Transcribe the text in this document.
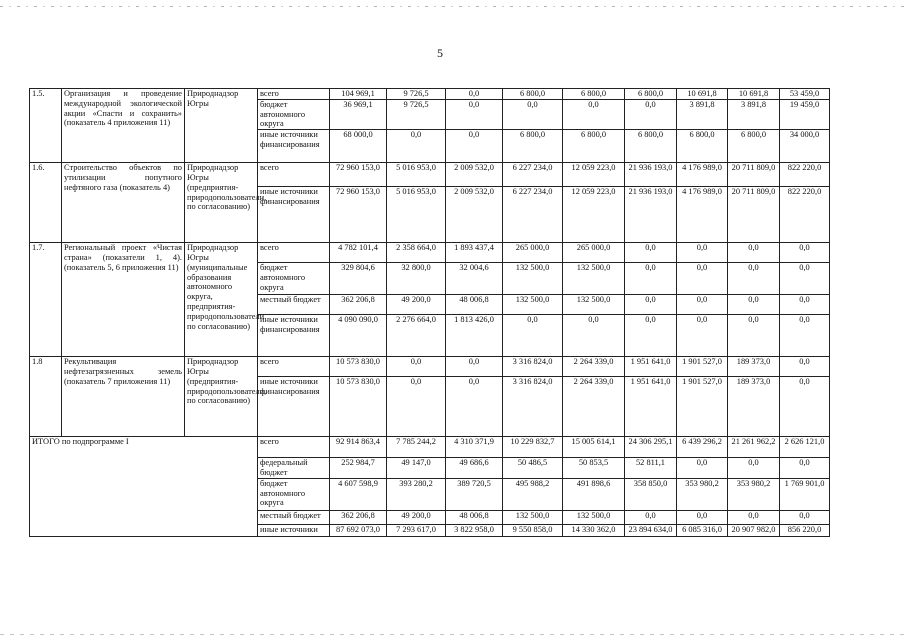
5
1.5.	Организация и проведение международной экологической акции «Спасти и сохранить» (показатель 4 приложения 11)	Природнадзор Югры	всего	104 969,1	9 726,5	0,0	6 800,0	6 800,0	6 800,0	10 691,8	10 691,8	53 459,0
			бюджет автономного округа	36 969,1	9 726,5	0,0	0,0	0,0	0,0	3 891,8	3 891,8	19 459,0
			иные источники финансирования	68 000,0	0,0	0,0	6 800,0	6 800,0	6 800,0	6 800,0	6 800,0	34 000,0
1.6.	Строительство объектов по утилизации попутного нефтяного газа (показатель 4)	Природнадзор Югры (предприятия-природопользователи, по согласованию)	всего	72 960 153,0	5 016 953,0	2 009 532,0	6 227 234,0	12 059 223,0	21 936 193,0	4 176 989,0	20 711 809,0	822 220,0
			иные источники финансирования	72 960 153,0	5 016 953,0	2 009 532,0	6 227 234,0	12 059 223,0	21 936 193,0	4 176 989,0	20 711 809,0	822 220,0
1.7.	Региональный проект «Чистая страна» (показатели 1, 4). (показатель 5, 6 приложения 11)	Природнадзор Югры (муниципальные образования автономного округа, предприятия-природопользователи по согласованию)	всего	4 782 101,4	2 358 664,0	1 893 437,4	265 000,0	265 000,0	0,0	0,0	0,0	0,0
			бюджет автономного округа	329 804,6	32 800,0	32 004,6	132 500,0	132 500,0	0,0	0,0	0,0	0,0
			местный бюджет	362 206,8	49 200,0	48 006,8	132 500,0	132 500,0	0,0	0,0	0,0	0,0
			иные источники финансирования	4 090 090,0	2 276 664,0	1 813 426,0	0,0	0,0	0,0	0,0	0,0	0,0
1.8	Рекультивация нефтезагрязненных земель (показатель 7 приложения 11)	Природнадзор Югры (предприятия-природопользователи, по согласованию)	всего	10 573 830,0	0,0	0,0	3 316 824,0	2 264 339,0	1 951 641,0	1 901 527,0	189 373,0	0,0
			иные источники финансирования	10 573 830,0	0,0	0,0	3 316 824,0	2 264 339,0	1 951 641,0	1 901 527,0	189 373,0	0,0
ИТОГО по подпрограмме I			всего	92 914 863,4	7 785 244,2	4 310 371,9	10 229 832,7	15 005 614,1	24 306 295,1	6 439 296,2	21 261 962,2	2 626 121,0
			федеральный бюджет	252 984,7	49 147,0	49 686,6	50 486,5	50 853,5	52 811,1	0,0	0,0	0,0
			бюджет автономного округа	4 607 598,9	393 280,2	389 720,5	495 988,2	491 898,6	358 850,0	353 980,2	353 980,2	1 769 901,0
			местный бюджет	362 206,8	49 200,0	48 006,8	132 500,0	132 500,0	0,0	0,0	0,0	0,0
			иные источники	87 692 073,0	7 293 617,0	3 822 958,0	9 550 858,0	14 330 362,0	23 894 634,0	6 085 316,0	20 907 982,0	856 220,0
